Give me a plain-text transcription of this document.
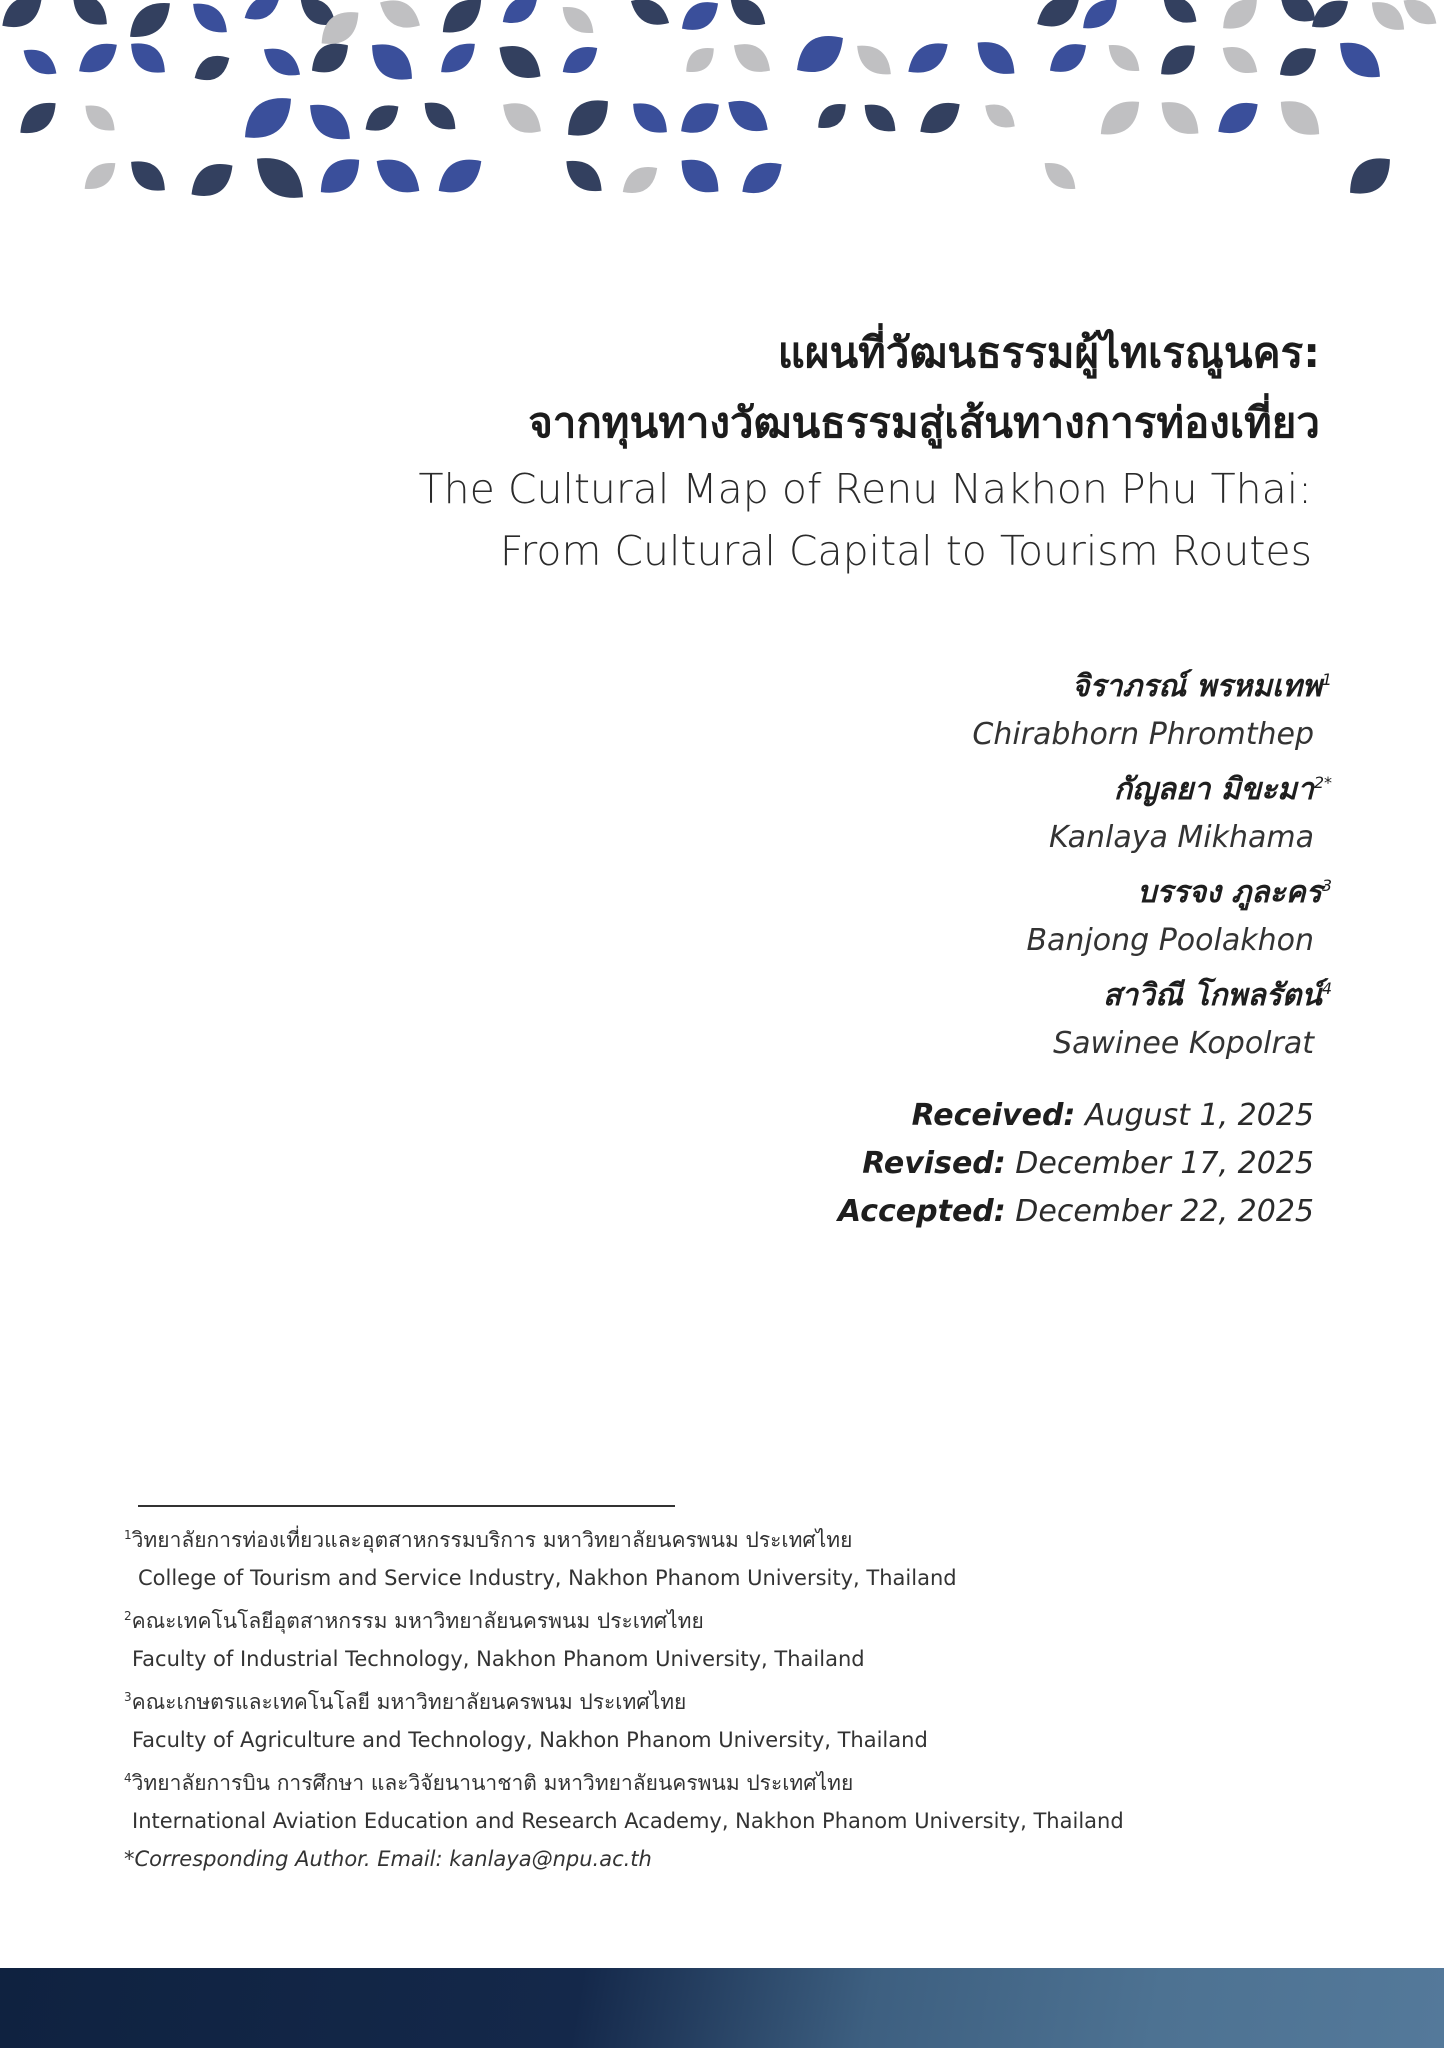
แผนที่วัฒนธรรมผู้ไทเรณูนคร:

จากทุนทางวัฒนธรรมสู่เส้นทางการท่องเที่ยว

The Cultural Map of Renu Nakhon Phu Thai:

From Cultural Capital to Tourism Routes

จิราภรณ์ พรหมเทพ$^1$

Chirabhorn Phromthep

กัญลยา มิขะมา$^{2*}$

Kanlaya Mikhama

บรรจง ภูละคร$^3$

Banjong Poolakhon

สาวิณี โกพลรัตน์$^4$

Sawinee Kopolrat

Received: August 1, 2025

Revised: December 17, 2025

Accepted: December 22, 2025

$^1$วิทยาลัยการท่องเที่ยวและอุตสาหกรรมบริการ มหาวิทยาลัยนครพนม ประเทศไทย

College of Tourism and Service Industry, Nakhon Phanom University, Thailand

$^2$คณะเทคโนโลยีอุตสาหกรรม มหาวิทยาลัยนครพนม ประเทศไทย

Faculty of Industrial Technology, Nakhon Phanom University, Thailand

$^3$คณะเกษตรและเทคโนโลยี มหาวิทยาลัยนครพนม ประเทศไทย

Faculty of Agriculture and Technology, Nakhon Phanom University, Thailand

$^4$วิทยาลัยการบิน การศึกษา และวิจัยนานาชาติ มหาวิทยาลัยนครพนม ประเทศไทย

International Aviation Education and Research Academy, Nakhon Phanom University, Thailand

*Corresponding Author. Email: kanlaya@npu.ac.th
